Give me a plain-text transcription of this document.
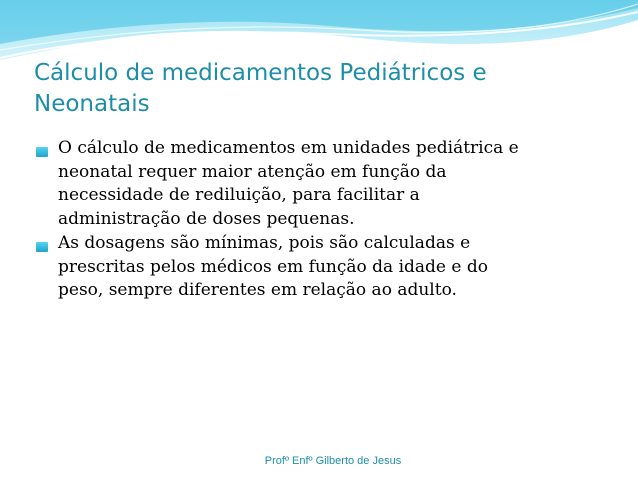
Cálculo de medicamentos Pediátricos e
Neonatais
O cálculo de medicamentos em unidades pediátrica e
neonatal requer maior atenção em função da
necessidade de rediluição, para facilitar a
administração de doses pequenas.
As dosagens são mínimas, pois são calculadas e
prescritas pelos médicos em função da idade e do
peso, sempre diferentes em relação ao adulto.
Profº Enfº Gilberto de Jesus
